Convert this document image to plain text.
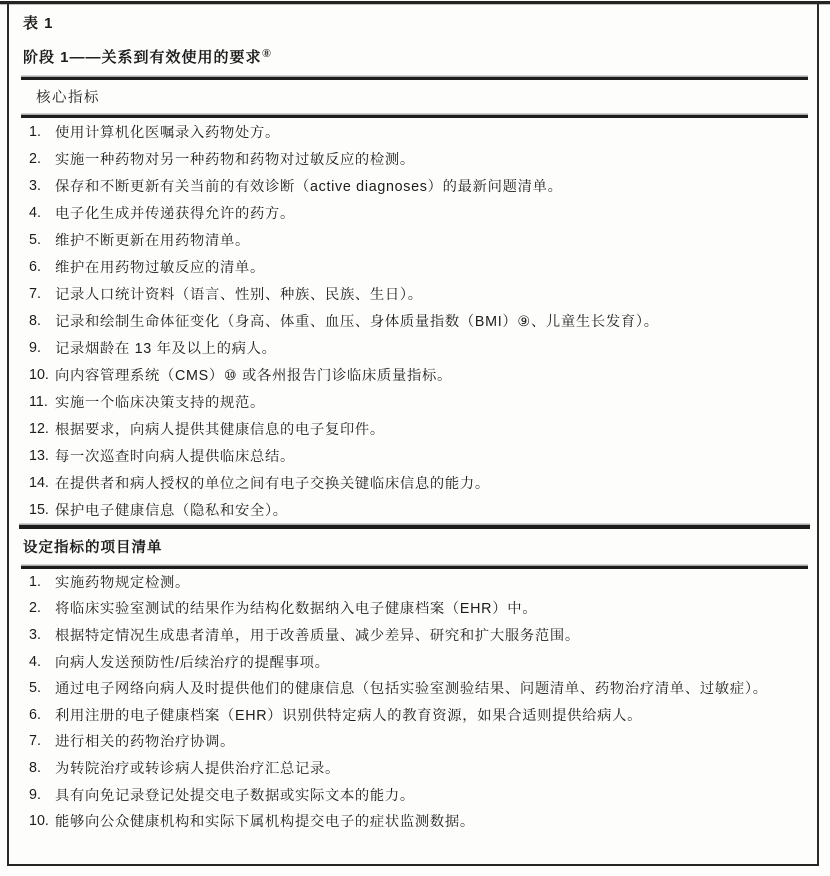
表 1
阶段 1——关系到有效使用的要求⑧
核心指标
1. 使用计算机化医嘱录入药物处方。
2. 实施一种药物对另一种药物和药物对过敏反应的检测。
3. 保存和不断更新有关当前的有效诊断（active diagnoses）的最新问题清单。
4. 电子化生成并传递获得允许的药方。
5. 维护不断更新在用药物清单。
6. 维护在用药物过敏反应的清单。
7. 记录人口统计资料（语言、性别、种族、民族、生日）。
8. 记录和绘制生命体征变化（身高、体重、血压、身体质量指数（BMI）⑨、儿童生长发育）。
9. 记录烟龄在 13 年及以上的病人。
10. 向内容管理系统（CMS）⑩ 或各州报告门诊临床质量指标。
11. 实施一个临床决策支持的规范。
12. 根据要求，向病人提供其健康信息的电子复印件。
13. 每一次巡查时向病人提供临床总结。
14. 在提供者和病人授权的单位之间有电子交换关键临床信息的能力。
15. 保护电子健康信息（隐私和安全）。
设定指标的项目清单
1. 实施药物规定检测。
2. 将临床实验室测试的结果作为结构化数据纳入电子健康档案（EHR）中。
3. 根据特定情况生成患者清单，用于改善质量、减少差异、研究和扩大服务范围。
4. 向病人发送预防性/后续治疗的提醒事项。
5. 通过电子网络向病人及时提供他们的健康信息（包括实验室测验结果、问题清单、药物治疗清单、过敏症）。
6. 利用注册的电子健康档案（EHR）识别供特定病人的教育资源，如果合适则提供给病人。
7. 进行相关的药物治疗协调。
8. 为转院治疗或转诊病人提供治疗汇总记录。
9. 具有向免记录登记处提交电子数据或实际文本的能力。
10. 能够向公众健康机构和实际下属机构提交电子的症状监测数据。
